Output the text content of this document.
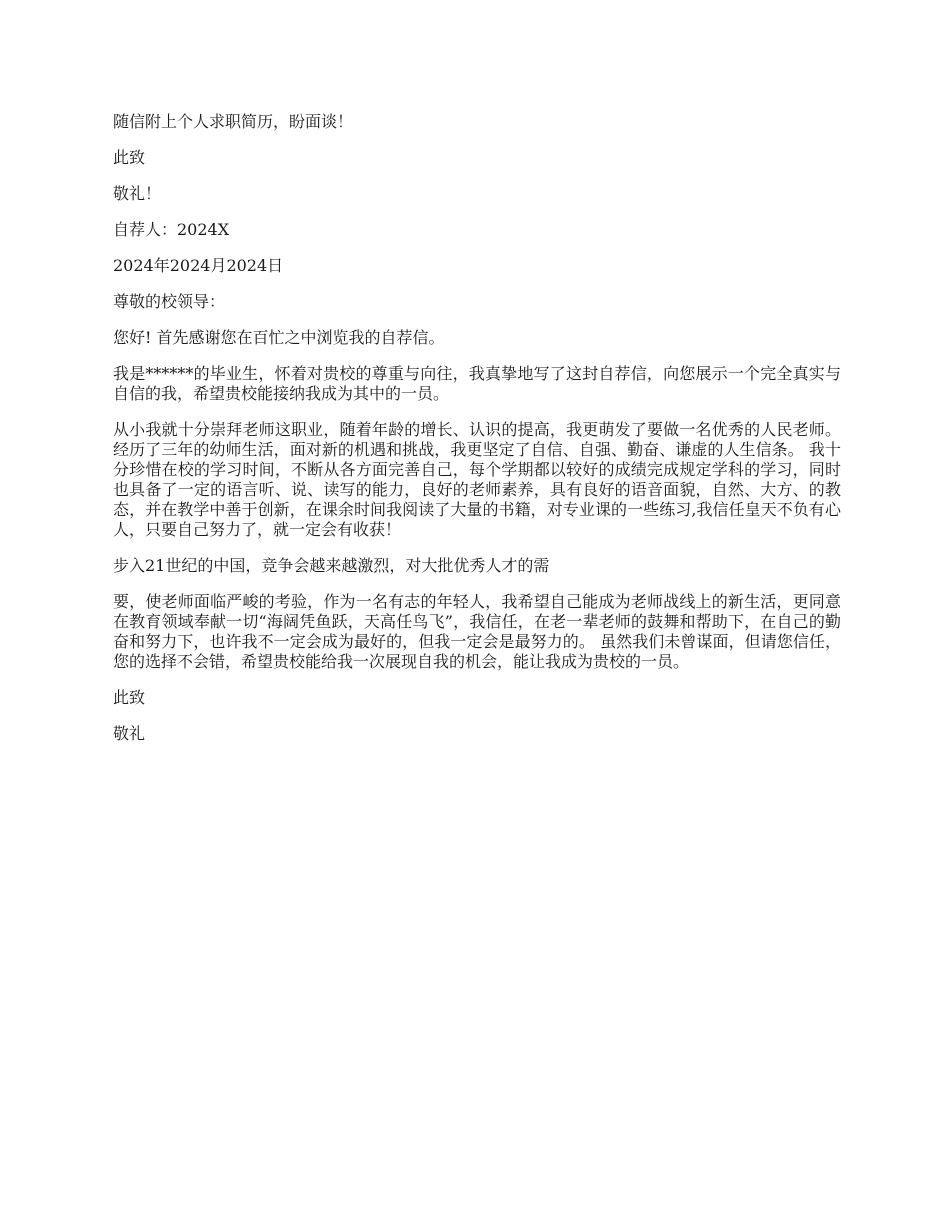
随信附上个人求职简历，盼面谈！

此致

敬礼！

自荐人：2024X

2024年2024月2024日

尊敬的校领导：

您好! 首先感谢您在百忙之中浏览我的自荐信。

我是******的毕业生，怀着对贵校的尊重与向往，我真挚地写了这封自荐信，向您展示一个完全真实与自信的我，希望贵校能接纳我成为其中的一员。

从小我就十分崇拜老师这职业，随着年龄的增长、认识的提高，我更萌发了要做一名优秀的人民老师。经历了三年的幼师生活，面对新的机遇和挑战，我更坚定了自信、自强、勤奋、谦虚的人生信条。 我十分珍惜在校的学习时间，不断从各方面完善自己，每个学期都以较好的成绩完成规定学科的学习，同时也具备了一定的语言听、说、读写的能力，良好的老师素养，具有良好的语音面貌，自然、大方、的教态，并在教学中善于创新，在课余时间我阅读了大量的书籍，对专业课的一些练习,我信任皇天不负有心人，只要自己努力了，就一定会有收获！

步入21世纪的中国，竞争会越来越激烈，对大批优秀人才的需

要，使老师面临严峻的考验，作为一名有志的年轻人，我希望自己能成为老师战线上的新生活，更同意在教育领域奉献一切“海阔凭鱼跃，天高任鸟飞”，我信任，在老一辈老师的鼓舞和帮助下，在自己的勤奋和努力下，也许我不一定会成为最好的，但我一定会是最努力的。 虽然我们未曾谋面，但请您信任，您的选择不会错，希望贵校能给我一次展现自我的机会，能让我成为贵校的一员。

此致

敬礼
